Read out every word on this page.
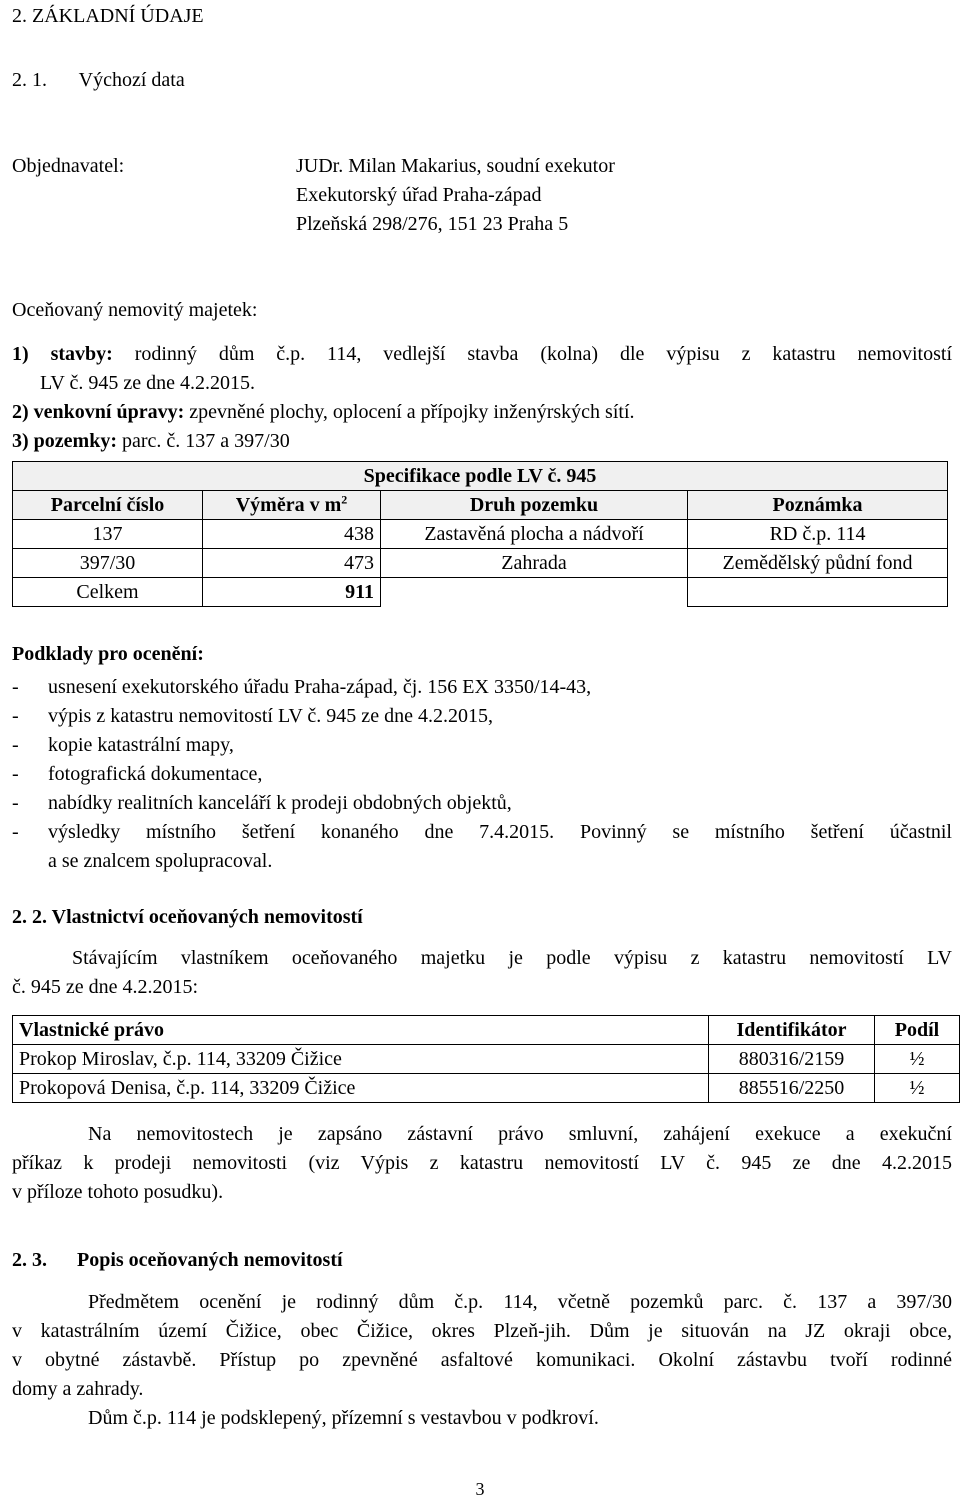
2. ZÁKLADNÍ ÚDAJE
2. 1. Výchozí data
Objednavatel:	JUDr. Milan Makarius, soudní exekutor
Exekutorský úřad Praha-západ
Plzeňská 298/276, 151 23 Praha 5
Oceňovaný nemovitý majetek:
1) stavby: rodinný dům č.p. 114, vedlejší stavba (kolna) dle výpisu z katastru nemovitostí
LV č. 945 ze dne 4.2.2015.
2) venkovní úpravy: zpevněné plochy, oplocení a přípojky inženýrských sítí.
3) pozemky: parc. č. 137 a 397/30
Specifikace podle LV č. 945			
Parcelní číslo	Výměra v $m^2$	Druh pozemku	Poznámka
137	438	Zastavěná plocha a nádvoří	RD č.p. 114
397/30	473	Zahrada	Zemědělský půdní fond
Celkem	911		
Podklady pro ocenění:
- usnesení exekutorského úřadu Praha-západ, čj. 156 EX 3350/14-43,
- výpis z katastru nemovitostí LV č. 945 ze dne 4.2.2015,
- kopie katastrální mapy,
- fotografická dokumentace,
- nabídky realitních kanceláří k prodeji obdobných objektů,
-	výsledky místního šetření konaného dne 7.4.2015. Povinný se místního šetření účastnil
a se znalcem spolupracoval.
2. 2. Vlastnictví oceňovaných nemovitostí
Stávajícím vlastníkem oceňovaného majetku je podle výpisu z katastru nemovitostí LV
č. 945 ze dne 4.2.2015:
Vlastnické právo	Identifikátor	Podíl
Prokop Miroslav, č.p. 114, 33209 Čižice	880316/2159	½
Prokopová Denisa, č.p. 114, 33209 Čižice	885516/2250	½
Na nemovitostech je zapsáno zástavní právo smluvní, zahájení exekuce a exekuční
příkaz k prodeji nemovitosti (viz Výpis z katastru nemovitostí LV č. 945 ze dne 4.2.2015
v příloze tohoto posudku).
2. 3. Popis oceňovaných nemovitostí
Předmětem ocenění je rodinný dům č.p. 114, včetně pozemků parc. č. 137 a 397/30
v katastrálním území Čižice, obec Čižice, okres Plzeň-jih. Dům je situován na JZ okraji obce,
v obytné zástavbě. Přístup po zpevněné asfaltové komunikaci. Okolní zástavbu tvoří rodinné
domy a zahrady.
Dům č.p. 114 je podsklepený, přízemní s vestavbou v podkroví.
3
